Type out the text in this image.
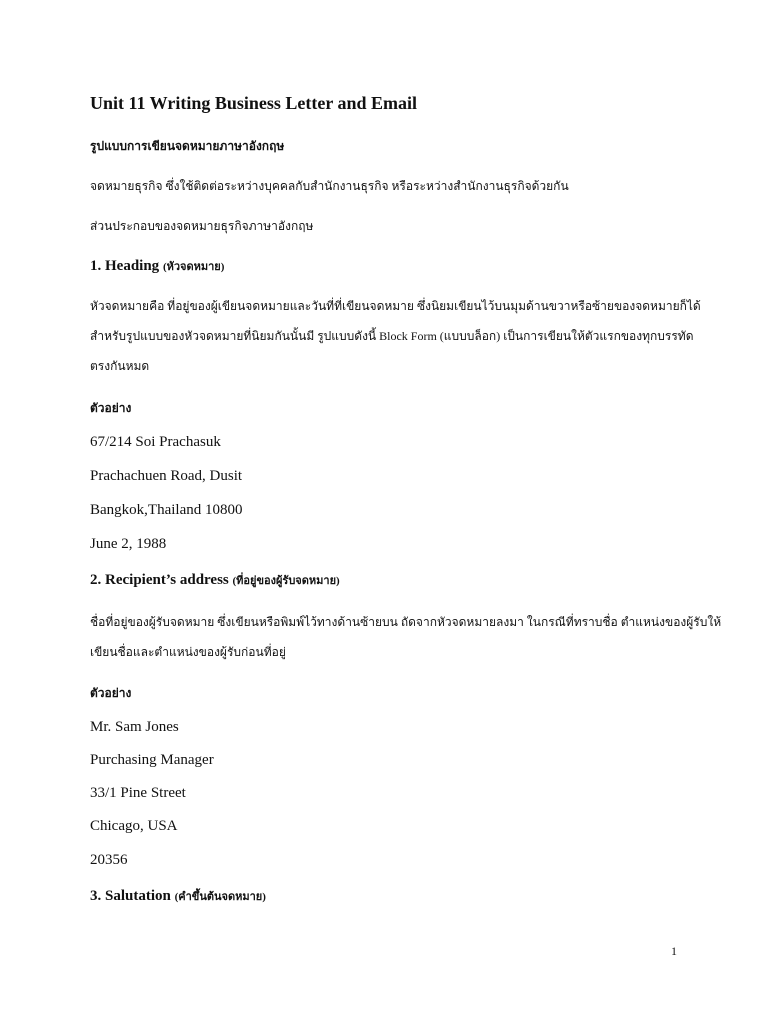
Unit 11 Writing Business Letter and Email
รูปแบบการเขียนจดหมายภาษาอังกฤษ
จดหมายธุรกิจ ซึ่งใช้ติดต่อระหว่างบุคคลกับสำนักงานธุรกิจ หรือระหว่างสำนักงานธุรกิจด้วยกัน
ส่วนประกอบของจดหมายธุรกิจภาษาอังกฤษ
1. Heading (หัวจดหมาย)
หัวจดหมายคือ ที่อยู่ของผู้เขียนจดหมายและวันที่ที่เขียนจดหมาย ซึ่งนิยมเขียนไว้บนมุมด้านขวาหรือซ้ายของจดหมายก็ได้
สำหรับรูปแบบของหัวจดหมายที่นิยมกันนั้นมี รูปแบบดังนี้ Block Form (แบบบล็อก) เป็นการเขียนให้ตัวแรกของทุกบรรทัด
ตรงกันหมด
ตัวอย่าง
67/214 Soi Prachasuk
Prachachuen Road, Dusit
Bangkok,Thailand 10800
June 2, 1988
2. Recipient’s address (ที่อยู่ของผู้รับจดหมาย)
ชื่อที่อยู่ของผู้รับจดหมาย ซึ่งเขียนหรือพิมพ์ไว้ทางด้านซ้ายบน ถัดจากหัวจดหมายลงมา ในกรณีที่ทราบชื่อ ตำแหน่งของผู้รับให้
เขียนชื่อและตำแหน่งของผู้รับก่อนที่อยู่
ตัวอย่าง
Mr. Sam Jones
Purchasing Manager
33/1 Pine Street
Chicago, USA
20356
3. Salutation (คำขึ้นต้นจดหมาย)
1
